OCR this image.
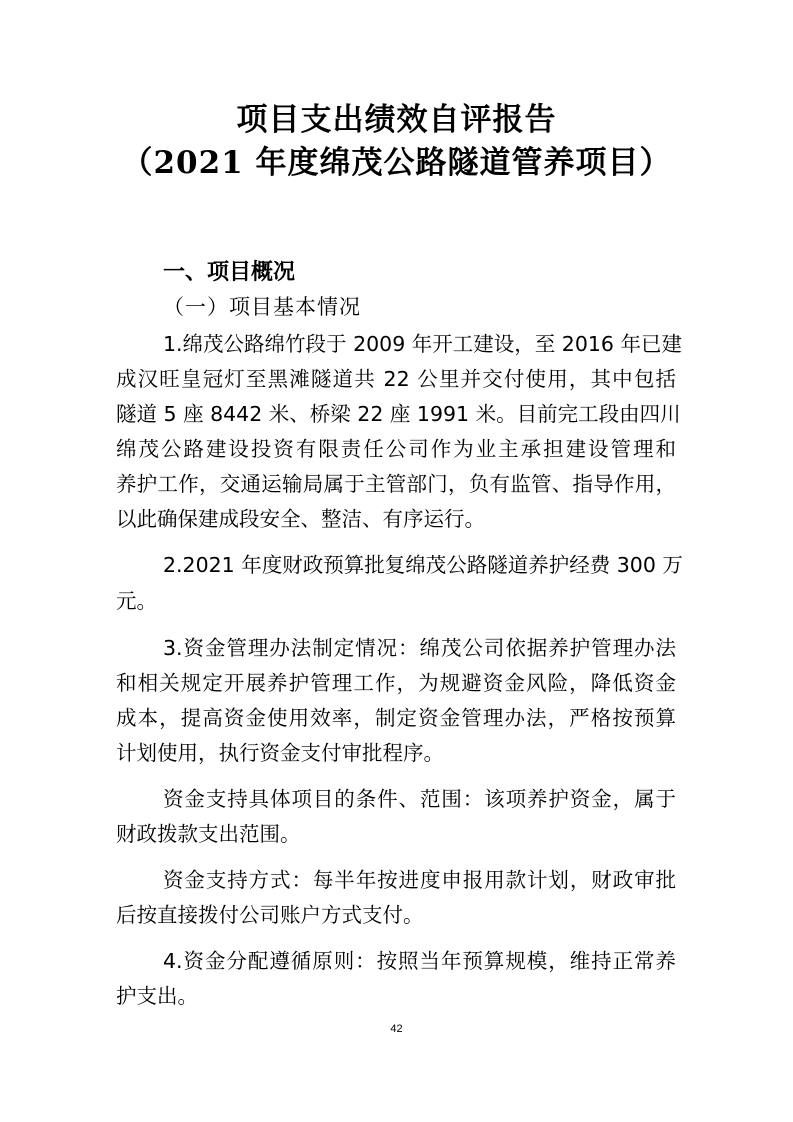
项目支出绩效自评报告
（2021 年度绵茂公路隧道管养项目）
一、项目概况
（一）项目基本情况
1.绵茂公路绵竹段于 2009 年开工建设，至 2016 年已建
成汉旺皇冠灯至黑滩隧道共 22 公里并交付使用，其中包括
隧道 5 座 8442 米、桥梁 22 座 1991 米。目前完工段由四川
绵茂公路建设投资有限责任公司作为业主承担建设管理和
养护工作，交通运输局属于主管部门，负有监管、指导作用，
以此确保建成段安全、整洁、有序运行。
2.2021 年度财政预算批复绵茂公路隧道养护经费 300 万
元。
3.资金管理办法制定情况：绵茂公司依据养护管理办法
和相关规定开展养护管理工作，为规避资金风险，降低资金
成本，提高资金使用效率，制定资金管理办法，严格按预算
计划使用，执行资金支付审批程序。
资金支持具体项目的条件、范围：该项养护资金，属于
财政拨款支出范围。
资金支持方式：每半年按进度申报用款计划，财政审批
后按直接拨付公司账户方式支付。
4.资金分配遵循原则：按照当年预算规模，维持正常养
护支出。
42
